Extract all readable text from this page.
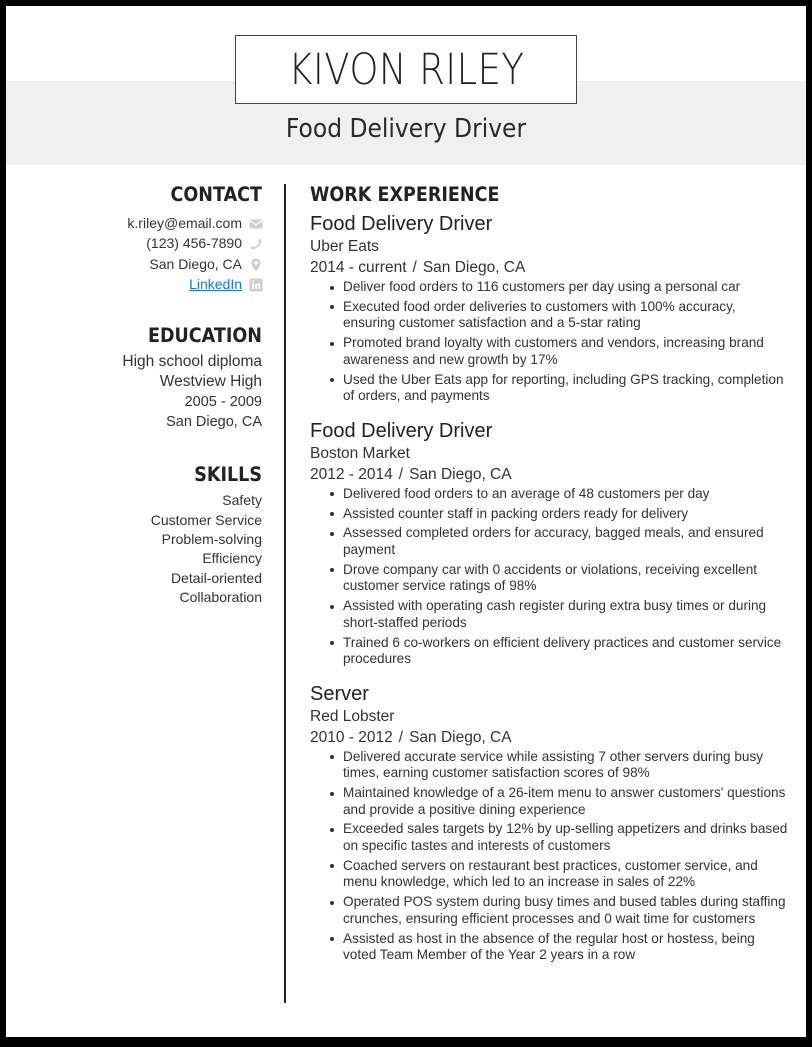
KIVON RILEY
Food Delivery Driver
CONTACT
k.riley@email.com
(123) 456-7890
San Diego, CA
LinkedIn
EDUCATION
High school diploma
Westview High
2005 - 2009
San Diego, CA
SKILLS
Safety
Customer Service
Problem-solving
Efficiency
Detail-oriented
Collaboration
WORK EXPERIENCE
Food Delivery Driver
Uber Eats
2014 - current / San Diego, CA
Deliver food orders to 116 customers per day using a personal car
Executed food order deliveries to customers with 100% accuracy, ensuring customer satisfaction and a 5-star rating
Promoted brand loyalty with customers and vendors, increasing brand awareness and new growth by 17%
Used the Uber Eats app for reporting, including GPS tracking, completion of orders, and payments
Food Delivery Driver
Boston Market
2012 - 2014 / San Diego, CA
Delivered food orders to an average of 48 customers per day
Assisted counter staff in packing orders ready for delivery
Assessed completed orders for accuracy, bagged meals, and ensured payment
Drove company car with 0 accidents or violations, receiving excellent customer service ratings of 98%
Assisted with operating cash register during extra busy times or during short-staffed periods
Trained 6 co-workers on efficient delivery practices and customer service procedures
Server
Red Lobster
2010 - 2012 / San Diego, CA
Delivered accurate service while assisting 7 other servers during busy times, earning customer satisfaction scores of 98%
Maintained knowledge of a 26-item menu to answer customers' questions and provide a positive dining experience
Exceeded sales targets by 12% by up-selling appetizers and drinks based on specific tastes and interests of customers
Coached servers on restaurant best practices, customer service, and menu knowledge, which led to an increase in sales of 22%
Operated POS system during busy times and bused tables during staffing crunches, ensuring efficient processes and 0 wait time for customers
Assisted as host in the absence of the regular host or hostess, being voted Team Member of the Year 2 years in a row
